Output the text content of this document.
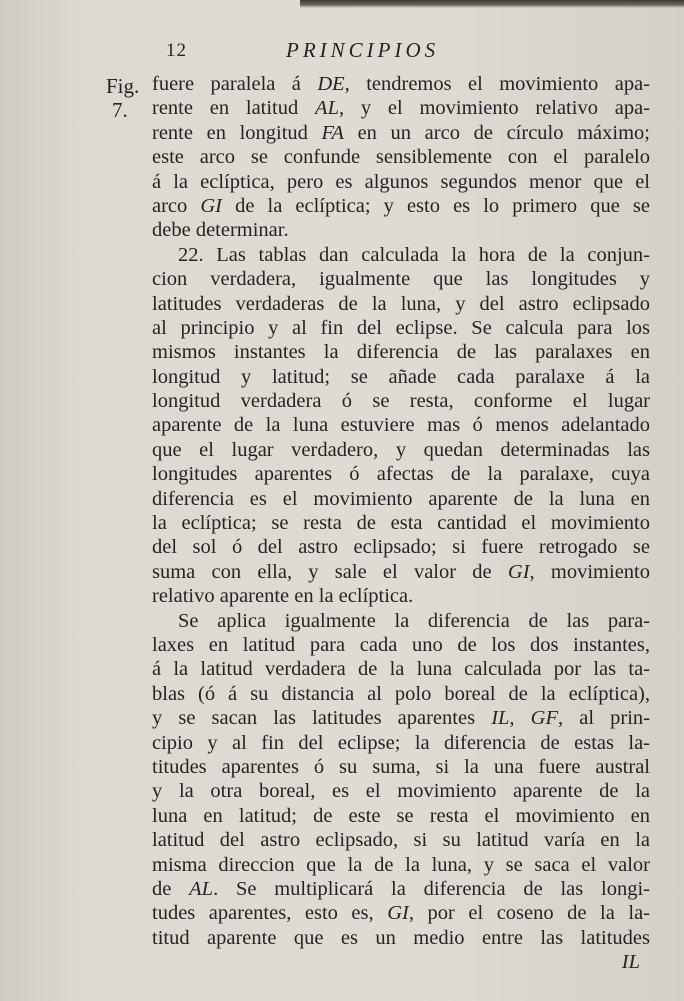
12	PRINCIPIOS
Fig.
7.
fuere paralela á DE, tendremos el movimiento apa-
rente en latitud AL, y el movimiento relativo apa-
rente en longitud FA en un arco de círculo máximo;
este arco se confunde sensiblemente con el paralelo
á la eclíptica, pero es algunos segundos menor que el
arco GI de la eclíptica; y esto es lo primero que se
debe determinar.
22. Las tablas dan calculada la hora de la conjun-
cion verdadera, igualmente que las longitudes y
latitudes verdaderas de la luna, y del astro eclipsado
al principio y al fin del eclipse. Se calcula para los
mismos instantes la diferencia de las paralaxes en
longitud y latitud; se añade cada paralaxe á la
longitud verdadera ó se resta, conforme el lugar
aparente de la luna estuviere mas ó menos adelantado
que el lugar verdadero, y quedan determinadas las
longitudes aparentes ó afectas de la paralaxe, cuya
diferencia es el movimiento aparente de la luna en
la eclíptica; se resta de esta cantidad el movimiento
del sol ó del astro eclipsado; si fuere retrogado se
suma con ella, y sale el valor de GI, movimiento
relativo aparente en la eclíptica.
Se aplica igualmente la diferencia de las para-
laxes en latitud para cada uno de los dos instantes,
á la latitud verdadera de la luna calculada por las ta-
blas (ó á su distancia al polo boreal de la eclíptica),
y se sacan las latitudes aparentes IL, GF, al prin-
cipio y al fin del eclipse; la diferencia de estas la-
titudes aparentes ó su suma, si la una fuere austral
y la otra boreal, es el movimiento aparente de la
luna en latitud; de este se resta el movimiento en
latitud del astro eclipsado, si su latitud varía en la
misma direccion que la de la luna, y se saca el valor
de AL. Se multiplicará la diferencia de las longi-
tudes aparentes, esto es, GI, por el coseno de la la-
titud aparente que es un medio entre las latitudes
IL
